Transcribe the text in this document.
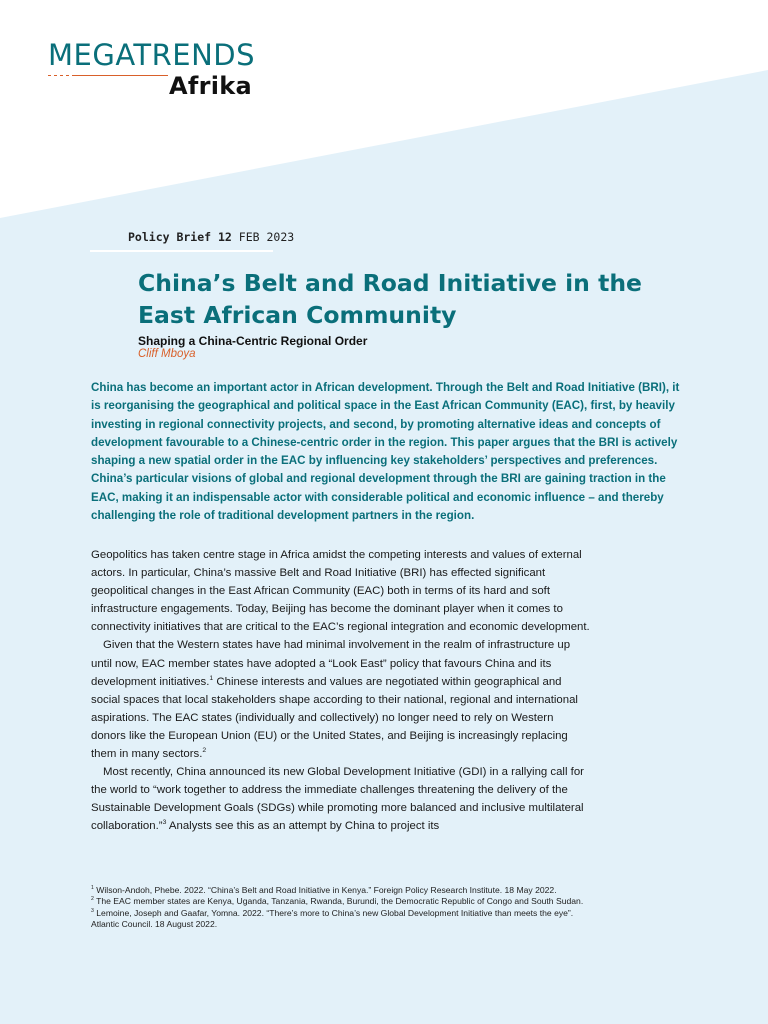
MEGATRENDS
Afrika
Policy Brief 12 FEB 2023
China’s Belt and Road Initiative in the East African Community
Shaping a China-Centric Regional Order
Cliff Mboya

China has become an important actor in African development. Through the Belt and Road Initiative (BRI), it is reorganising the geographical and political space in the East African Community (EAC), first, by heavily investing in regional connectivity projects, and second, by promoting alternative ideas and concepts of development favourable to a Chinese-centric order in the region. This paper argues that the BRI is actively shaping a new spatial order in the EAC by influencing key stakeholders’ perspectives and preferences. China’s particular visions of global and regional development through the BRI are gaining traction in the EAC, making it an indispensable actor with considerable political and economic influence – and thereby challenging the role of traditional development partners in the region.

Geopolitics has taken centre stage in Africa amidst the competing interests and values of external actors. In particular, China’s massive Belt and Road Initiative (BRI) has effected significant geopolitical changes in the East African Community (EAC) both in terms of its hard and soft infrastructure engagements. Today, Beijing has become the dominant player when it comes to connectivity initiatives that are critical to the EAC’s regional integration and economic development.

Given that the Western states have had minimal involvement in the realm of infrastructure up until now, EAC member states have adopted a “Look East” policy that favours China and its development initiatives.$^1$ Chinese interests and values are negotiated within geographical and social spaces that local stakeholders shape according to their national, regional and international aspirations. The EAC states (individually and collectively) no longer need to rely on Western donors like the European Union (EU) or the United States, and Beijing is increasingly replacing them in many sectors.$^2$

Most recently, China announced its new Global Development Initiative (GDI) in a rallying call for the world to “work together to address the immediate challenges threatening the delivery of the Sustainable Development Goals (SDGs) while promoting more balanced and inclusive multilateral collaboration.”$^3$ Analysts see this as an attempt by China to project its

$^1$ Wilson-Andoh, Phebe. 2022. “China’s Belt and Road Initiative in Kenya.” Foreign Policy Research Institute. 18 May 2022.

$^2$ The EAC member states are Kenya, Uganda, Tanzania, Rwanda, Burundi, the Democratic Republic of Congo and South Sudan.

$^3$ Lemoine, Joseph and Gaafar, Yomna. 2022. “There’s more to China’s new Global Development Initiative than meets the eye”. Atlantic Council. 18 August 2022.
